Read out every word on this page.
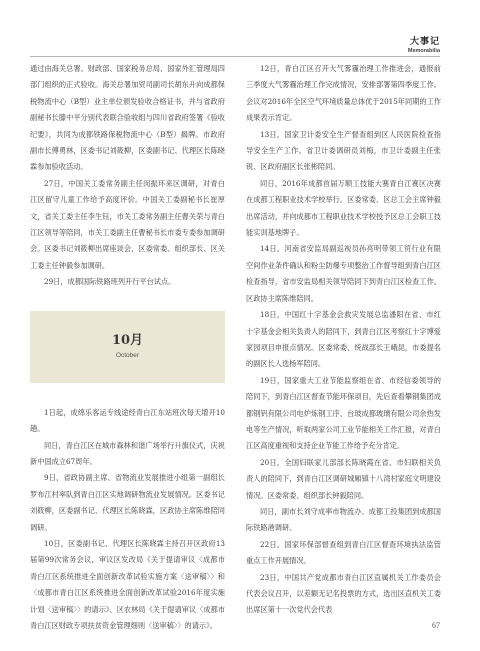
大事记
Memorabilia

通过由海关总署、财政部、国家税务总局、国家外汇管理局四部门组织的正式验收。海关总署加贸司副司长胡东升向成都保税物流中心（B型）业主单位颁发验收合格证书，并与省政府副秘书长滕中平分别代表联合验收组与四川省政府签署《验收纪要》，共同为成都铁路保税物流中心（B型）揭牌。市政府副市长傅勇林，区委书记刘筱柳，区委副书记、代理区长陈晓霖参加验收活动。

27日，中国关工委常务副主任闵振环来区调研，对青白江区留守儿童工作给予高度评价。中国关工委副秘书长崔厚文，省关工委主任李生钰，市关工委常务副主任曹关荣与青白江区领导等陪同，市关工委副主任曹秘书长市委专委参加调研会。区委书记刘筱柳出席座谈会，区委常委、组织部长、区关工委主任钟毅参加调研。

29日，成都国际铁路班列开行平台试点。

10月
October

1日起，成绵乐客运专线途经青白江东站班次每天增开10趟。

同日，青白江区在城市森林和谐广场举行升旗仪式，庆祝新中国成立67周年。

9日，省政协副主席、省物流业发展推进小组第一副组长罗布江村率队到青白江区实地调研物流业发展情况。区委书记刘筱柳，区委副书记、代理区长陈晓霖，区政协主席陈维陪同调研。

10日，区委副书记、代理区长陈晓霖主持召开区政府13届第99次常务会议，审议区发改局《关于提请审议〈成都市青白江区系统推进全面创新改革试验实施方案〈送审稿〉〉和〈成都市青白江区系统推进全面创新改革试验2016年度实施计划〈送审稿〉〉的请示》、区农林局《关于提请审议〈成都市青白江区财政专项扶贫资金管理细则〈送审稿〉〉的请示》。

12日，青白江区召开大气雾霾治理工作推进会，通报前三季度大气雾霾治理工作完成情况，安排部署第四季度工作。会议对2016年全区空气环境质量总体优于2015年同期的工作成果表示肯定。

13日，国家卫计委安全生产督查组到区人民医院检查指导安全生产工作。省卫计委调研员刘梅，市卫计委副主任张锐、区政府副区长张彬陪同。

同日，2016年成都首届万顺工技能大赛青白江赛区决赛在成都工程职业技术学校举行。区委常委、区总工会主席钟毅出席活动，并向成都市工程职业技术学校授予区总工会职工技能实训基地牌子。

14日，河南省安监局副巡视员孙亮明带领工贸行业有限空间作业条件确认和粉尘防爆专项整治工作督导组到青白江区检查指导，省市安监局相关领导陪同下到青白江区检查工作。区政协主席陈维陪同。

18日，中国红十字基金会救灾发展总监潘阳在省、市红十字基金会相关负责人的陪同下，到青白江区考察红十字博爱家园项目申报点情况。区委常委、统战部长王峨昆，市委提名的副区长人选杨军陪同。

19日，国家重大工业节能监察组在省、市经信委领导的陪同下，到青白江区督查节能环保项目，先后查看攀钢集团成都钢钒有限公司电炉炼钢工序、台玻成都玻璃有限公司余热发电等生产情况，听取两家公司工业节能相关工作汇报，对青白江区高度重视和支持企业节能工作给予充分肯定。

20日，全国妇联家儿部部长陈晓霞在省、市妇联相关负责人的陪同下，到青白江区调研城厢镇十八湾村家庭文明建设情况。区委常委、组织部长钟毅陪同。

同日，副市长刘守成率市物流办、成都工投集团到成都国际铁路港调研。

22日，国家环保部督查组到青白江区督查环境执法监管重点工作开展情况。

23日，中国共产党成都市青白江区直属机关工作委员会代表会议召开，以差额无记名投票的方式，选出区直机关工委出席区第十一次党代会代表

67
